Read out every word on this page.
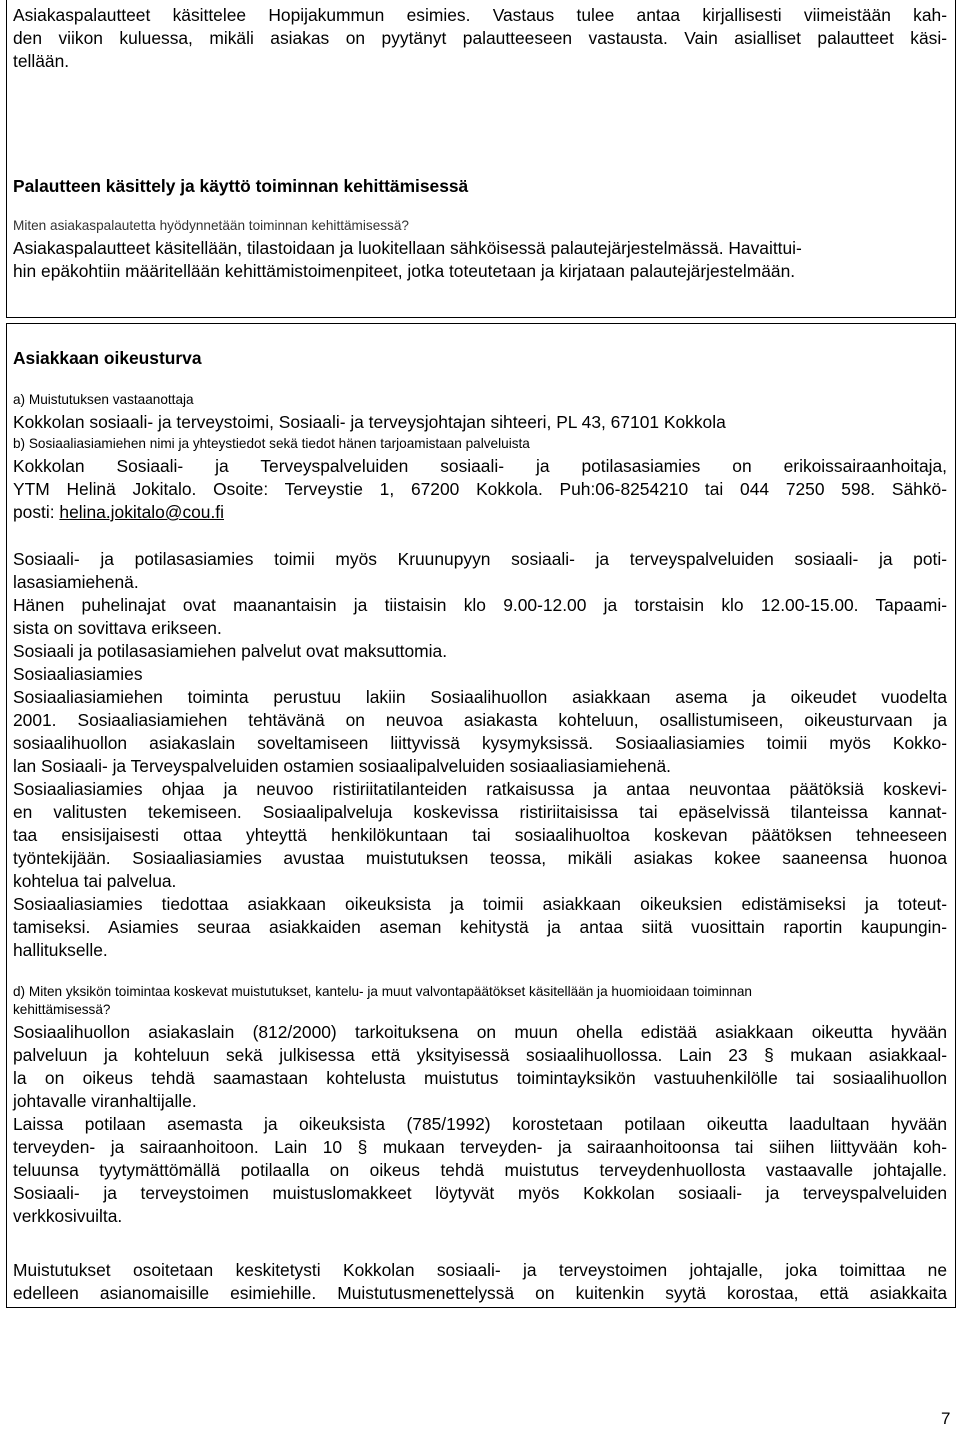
Asiakaspalautteet käsittelee Hopijakummun esimies. Vastaus tulee antaa kirjallisesti viimeistään kah-

den viikon kuluessa, mikäli asiakas on pyytänyt palautteeseen vastausta. Vain asialliset palautteet käsi-

tellään.

Palautteen käsittely ja käyttö toiminnan kehittämisessä

Miten asiakaspalautetta hyödynnetään toiminnan kehittämisessä?

Asiakaspalautteet käsitellään, tilastoidaan ja luokitellaan sähköisessä palautejärjestelmässä. Havaittui-

hin epäkohtiin määritellään kehittämistoimenpiteet, jotka toteutetaan ja kirjataan palautejärjestelmään.

Asiakkaan oikeusturva

a) Muistutuksen vastaanottaja

Kokkolan sosiaali- ja terveystoimi, Sosiaali- ja terveysjohtajan sihteeri, PL 43, 67101 Kokkola

b) Sosiaaliasiamiehen nimi ja yhteystiedot sekä tiedot hänen tarjoamistaan palveluista

Kokkolan Sosiaali- ja Terveyspalveluiden sosiaali- ja potilasasiamies on erikoissairaanhoitaja,

YTM Helinä Jokitalo. Osoite: Terveystie 1, 67200 Kokkola. Puh:06-8254210 tai 044 7250 598. Sähkö-

posti: helina.jokitalo@cou.fi

Sosiaali- ja potilasasiamies toimii myös Kruunupyyn sosiaali- ja terveyspalveluiden sosiaali- ja poti-

lasasiamiehenä.

Hänen puhelinajat ovat maanantaisin ja tiistaisin klo 9.00-12.00 ja torstaisin klo 12.00-15.00. Tapaami-

sista on sovittava erikseen.

Sosiaali ja potilasasiamiehen palvelut ovat maksuttomia.

Sosiaaliasiamies

Sosiaaliasiamiehen toiminta perustuu lakiin Sosiaalihuollon asiakkaan asema ja oikeudet vuodelta

2001. Sosiaaliasiamiehen tehtävänä on neuvoa asiakasta kohteluun, osallistumiseen, oikeusturvaan ja

sosiaalihuollon asiakaslain soveltamiseen liittyvissä kysymyksissä. Sosiaaliasiamies toimii myös Kokko-

lan Sosiaali- ja Terveyspalveluiden ostamien sosiaalipalveluiden sosiaaliasiamiehenä.

Sosiaaliasiamies ohjaa ja neuvoo ristiriitatilanteiden ratkaisussa ja antaa neuvontaa päätöksiä koskevi-

en valitusten tekemiseen. Sosiaalipalveluja koskevissa ristiriitaisissa tai epäselvissä tilanteissa kannat-

taa ensisijaisesti ottaa yhteyttä henkilökuntaan tai sosiaalihuoltoa koskevan päätöksen tehneeseen

työntekijään. Sosiaaliasiamies avustaa muistutuksen teossa, mikäli asiakas kokee saaneensa huonoa

kohtelua tai palvelua.

Sosiaaliasiamies tiedottaa asiakkaan oikeuksista ja toimii asiakkaan oikeuksien edistämiseksi ja toteut-

tamiseksi. Asiamies seuraa asiakkaiden aseman kehitystä ja antaa siitä vuosittain raportin kaupungin-

hallitukselle.

d) Miten yksikön toimintaa koskevat muistutukset, kantelu- ja muut valvontapäätökset käsitellään ja huomioidaan toiminnan

kehittämisessä?

Sosiaalihuollon asiakaslain (812/2000) tarkoituksena on muun ohella edistää asiakkaan oikeutta hyvään

palveluun ja kohteluun sekä julkisessa että yksityisessä sosiaalihuollossa. Lain 23 § mukaan asiakkaal-

la on oikeus tehdä saamastaan kohtelusta muistutus toimintayksikön vastuuhenkilölle tai sosiaalihuollon

johtavalle viranhaltijalle.

Laissa potilaan asemasta ja oikeuksista (785/1992) korostetaan potilaan oikeutta laadultaan hyvään

terveyden- ja sairaanhoitoon. Lain 10 § mukaan terveyden- ja sairaanhoitoonsa tai siihen liittyvään koh-

teluunsa tyytymättömällä potilaalla on oikeus tehdä muistutus terveydenhuollosta vastaavalle johtajalle.

Sosiaali- ja terveystoimen muistuslomakkeet löytyvät myös Kokkolan sosiaali- ja terveyspalveluiden

verkkosivuilta.

Muistutukset osoitetaan keskitetysti Kokkolan sosiaali- ja terveystoimen johtajalle, joka toimittaa ne

edelleen asianomaisille esimiehille. Muistutusmenettelyssä on kuitenkin syytä korostaa, että asiakkaita

7
